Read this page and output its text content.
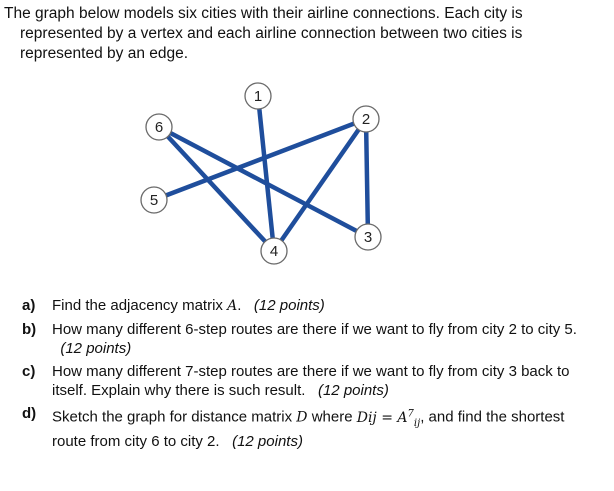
The graph below models six cities with their airline connections. Each city is represented by a vertex and each airline connection between two cities is represented by an edge.

1
2
3
4
5
6
a) Find the adjacency matrix A. (12 points)
b) How many different 6-step routes are there if we want to fly from city 2 to city 5.   (12 points)
c) How many different 7-step routes are there if we want to fly from city 3 back to itself. Explain why there is such result. (12 points)
d) Sketch the graph for distance matrix D where Dij = $A^7_{ij}$, and find the shortest route from city 6 to city 2. (12 points)
